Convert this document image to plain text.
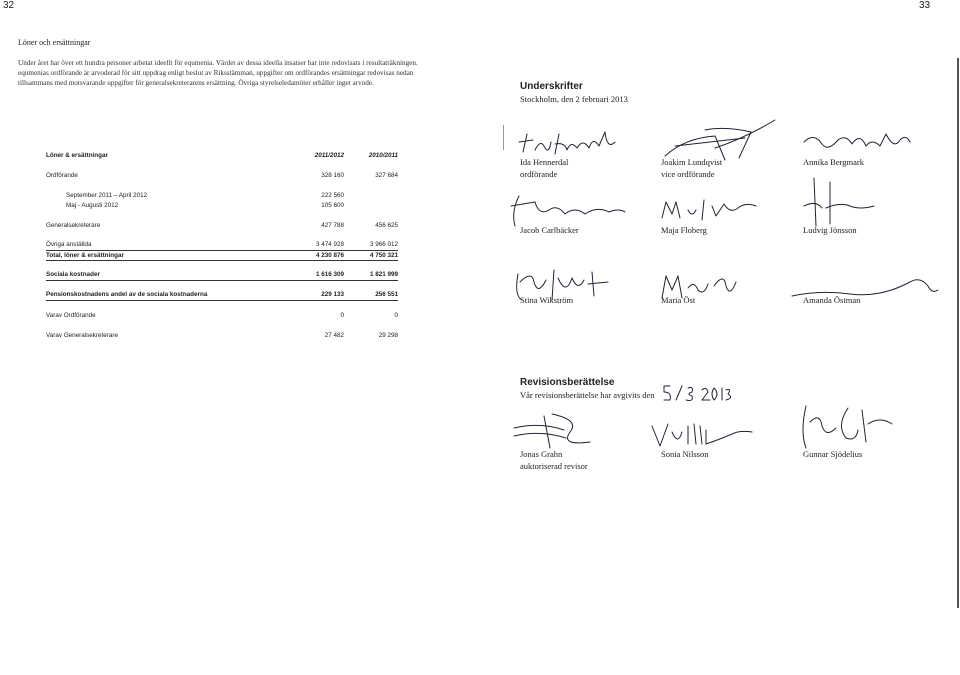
32	33
Löner och ersättningar
Under året har över ett hundra personer arbetat ideellt för equmenia. Värdet av dessa ideella insatser har inte redovisats i resultaträkningen. equmenias ordförande är arvoderad för sitt uppdrag enligt beslut av Riksstämman, uppgifter om ordförandes ersättningar redovisas nedan tillsammans med motsvarande uppgifter för generalsekreterarens ersättning. Övriga styrelseledamöter erhåller inget arvode.
Löner & ersättningar	2011/2012	2010/2011

Ordförande	328 160	327 684

September 2011 – April 2012	222 560	
Maj - Augusti 2012	105 600	

Generalsekreterare	427 788	456 625

Övriga anställda	3 474 928	3 966 012
Total, löner & ersättningar	4 230 876	4 750 321

Sociala kostnader	1 616 309	1 821 999

Pensionskostnadens andel av de sociala kostnaderna	229 133	256 551

Varav Ordförande	0	0

Varav Generalsekreterare	27 482	29 298
Underskrifter
Stockholm, den 2 februari 2013
Ida Hennerdal
ordförande
Joakim Lundqvist
vice ordförande
Annika Bergmark
Jacob Carlbäcker	Maja Floberg	Ludvig Jönsson
Stina Wikström	Maria Öst	Amanda Östman
Revisionsberättelse
Vår revisionsberättelse har avgivits den
Jonas Grahn
auktoriserad revisor
Sonia Nilsson	Gunnar Sjödelius
